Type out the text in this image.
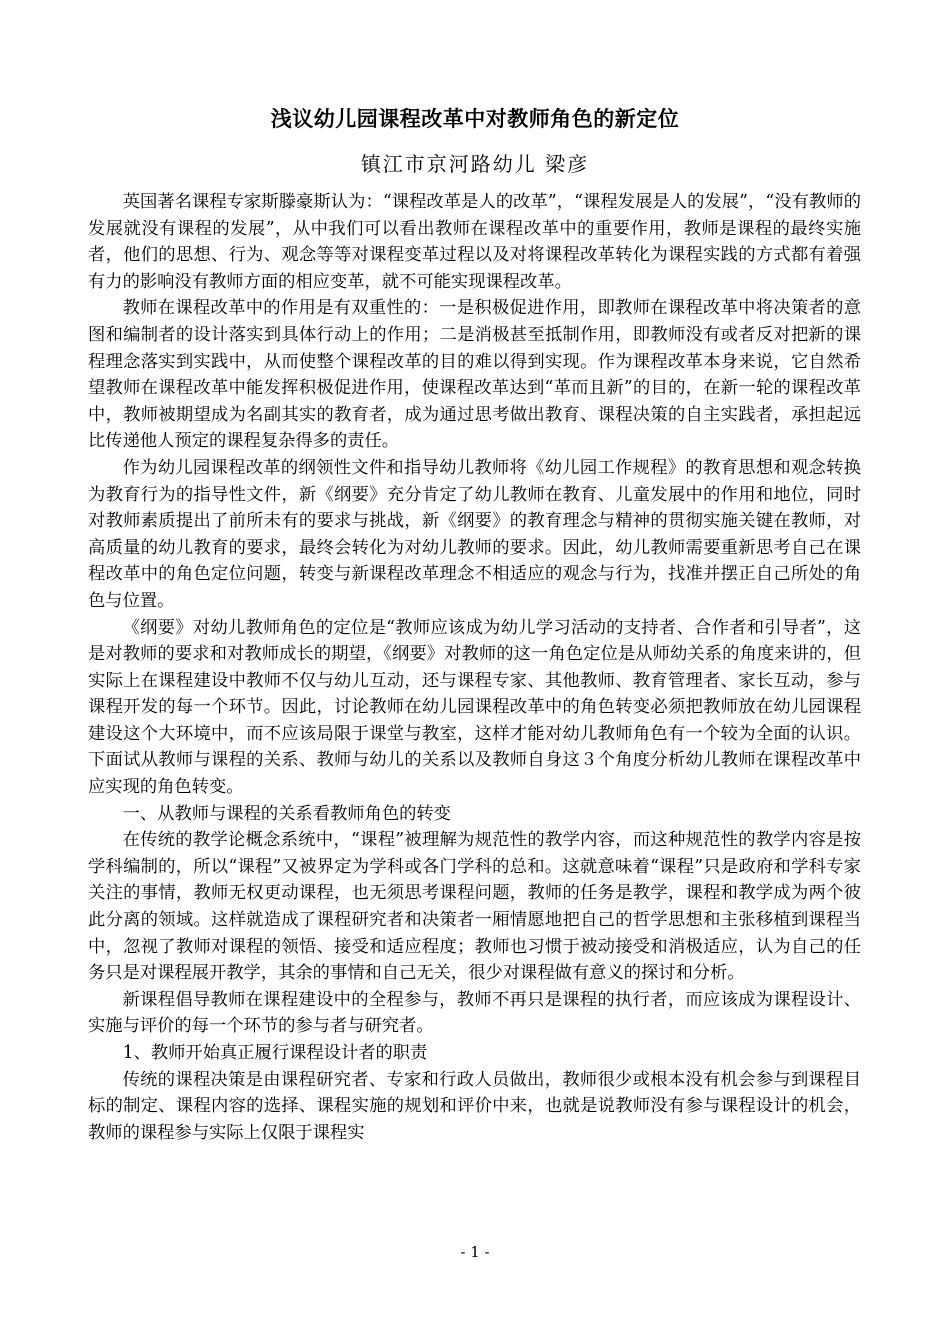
浅议幼儿园课程改革中对教师角色的新定位
镇江市京河路幼儿 梁彦

英国著名课程专家斯滕豪斯认为：“课程改革是人的改革”，“课程发展是人的发展”，“没有教师的发展就没有课程的发展”，从中我们可以看出教师在课程改革中的重要作用，教师是课程的最终实施者，他们的思想、行为、观念等等对课程变革过程以及对将课程改革转化为课程实践的方式都有着强有力的影响没有教师方面的相应变革，就不可能实现课程改革。

教师在课程改革中的作用是有双重性的：一是积极促进作用，即教师在课程改革中将决策者的意图和编制者的设计落实到具体行动上的作用；二是消极甚至抵制作用，即教师没有或者反对把新的课程理念落实到实践中，从而使整个课程改革的目的难以得到实现。作为课程改革本身来说，它自然希望教师在课程改革中能发挥积极促进作用，使课程改革达到“革而且新”的目的，在新一轮的课程改革中，教师被期望成为名副其实的教育者，成为通过思考做出教育、课程决策的自主实践者，承担起远比传递他人预定的课程复杂得多的责任。

作为幼儿园课程改革的纲领性文件和指导幼儿教师将《幼儿园工作规程》的教育思想和观念转换为教育行为的指导性文件，新《纲要》充分肯定了幼儿教师在教育、儿童发展中的作用和地位，同时对教师素质提出了前所未有的要求与挑战，新《纲要》的教育理念与精神的贯彻实施关键在教师，对高质量的幼儿教育的要求，最终会转化为对幼儿教师的要求。因此，幼儿教师需要重新思考自己在课程改革中的角色定位问题，转变与新课程改革理念不相适应的观念与行为，找准并摆正自己所处的角色与位置。

《纲要》对幼儿教师角色的定位是“教师应该成为幼儿学习活动的支持者、合作者和引导者”，这是对教师的要求和对教师成长的期望，《纲要》对教师的这一角色定位是从师幼关系的角度来讲的，但实际上在课程建设中教师不仅与幼儿互动，还与课程专家、其他教师、教育管理者、家长互动，参与课程开发的每一个环节。因此，讨论教师在幼儿园课程改革中的角色转变必须把教师放在幼儿园课程建设这个大环境中，而不应该局限于课堂与教室，这样才能对幼儿教师角色有一个较为全面的认识。下面试从教师与课程的关系、教师与幼儿的关系以及教师自身这３个角度分析幼儿教师在课程改革中应实现的角色转变。

一、从教师与课程的关系看教师角色的转变

在传统的教学论概念系统中，“课程”被理解为规范性的教学内容，而这种规范性的教学内容是按学科编制的，所以“课程”又被界定为学科或各门学科的总和。这就意味着“课程”只是政府和学科专家关注的事情，教师无权更动课程，也无须思考课程问题，教师的任务是教学，课程和教学成为两个彼此分离的领域。这样就造成了课程研究者和决策者一厢情愿地把自己的哲学思想和主张移植到课程当中，忽视了教师对课程的领悟、接受和适应程度；教师也习惯于被动接受和消极适应，认为自己的任务只是对课程展开教学，其余的事情和自己无关，很少对课程做有意义的探讨和分析。

新课程倡导教师在课程建设中的全程参与，教师不再只是课程的执行者，而应该成为课程设计、实施与评价的每一个环节的参与者与研究者。

1、教师开始真正履行课程设计者的职责

传统的课程决策是由课程研究者、专家和行政人员做出，教师很少或根本没有机会参与到课程目标的制定、课程内容的选择、课程实施的规划和评价中来，也就是说教师没有参与课程设计的机会，教师的课程参与实际上仅限于课程实

- 1 -
